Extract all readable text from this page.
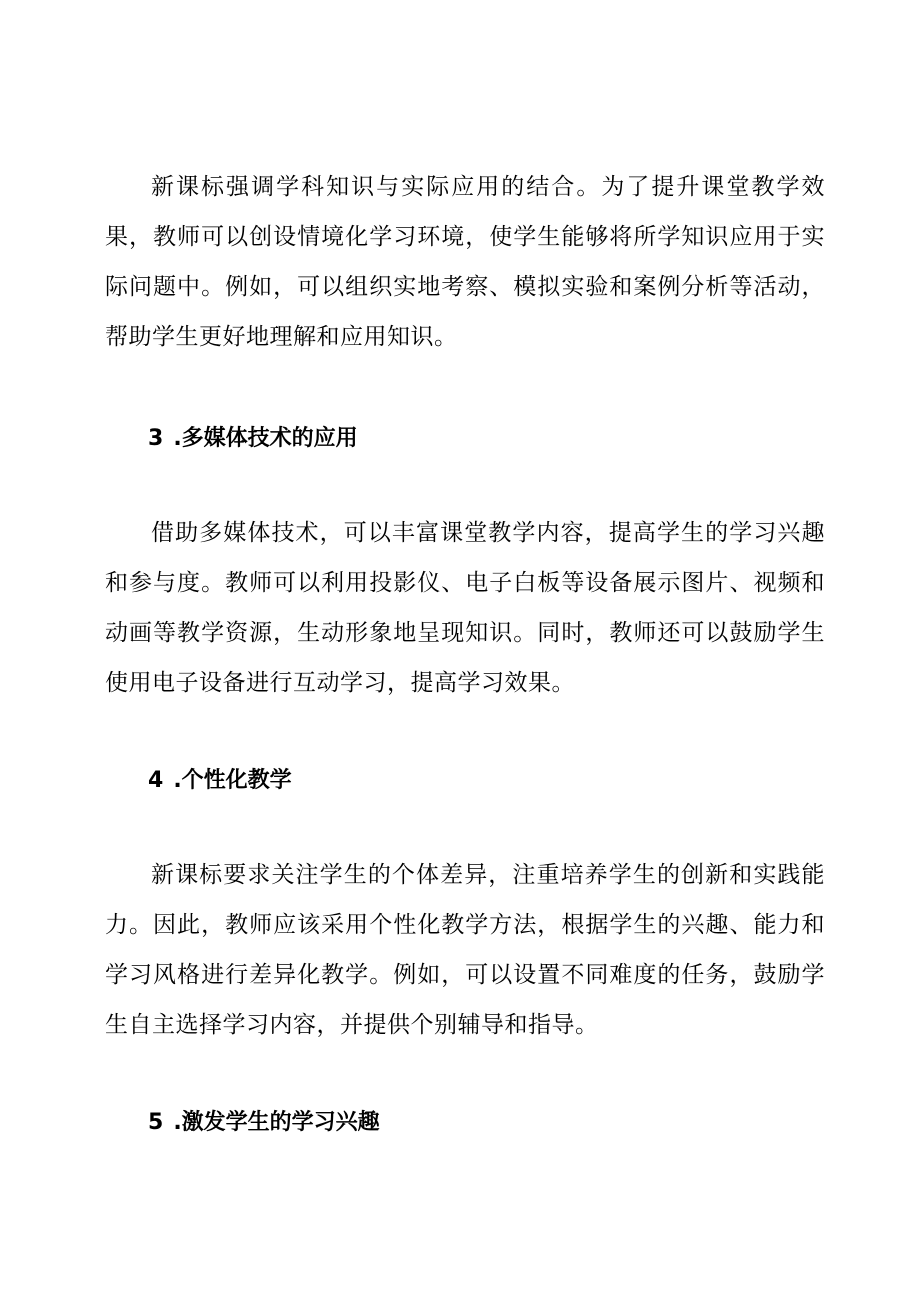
新课标强调学科知识与实际应用的结合。为了提升课堂教学效果，教师可以创设情境化学习环境，使学生能够将所学知识应用于实际问题中。例如，可以组织实地考察、模拟实验和案例分析等活动，帮助学生更好地理解和应用知识。

3 .多媒体技术的应用

借助多媒体技术，可以丰富课堂教学内容，提高学生的学习兴趣和参与度。教师可以利用投影仪、电子白板等设备展示图片、视频和动画等教学资源，生动形象地呈现知识。同时，教师还可以鼓励学生使用电子设备进行互动学习，提高学习效果。

4 .个性化教学

新课标要求关注学生的个体差异，注重培养学生的创新和实践能力。因此，教师应该采用个性化教学方法，根据学生的兴趣、能力和学习风格进行差异化教学。例如，可以设置不同难度的任务，鼓励学生自主选择学习内容，并提供个别辅导和指导。

5 .激发学生的学习兴趣
